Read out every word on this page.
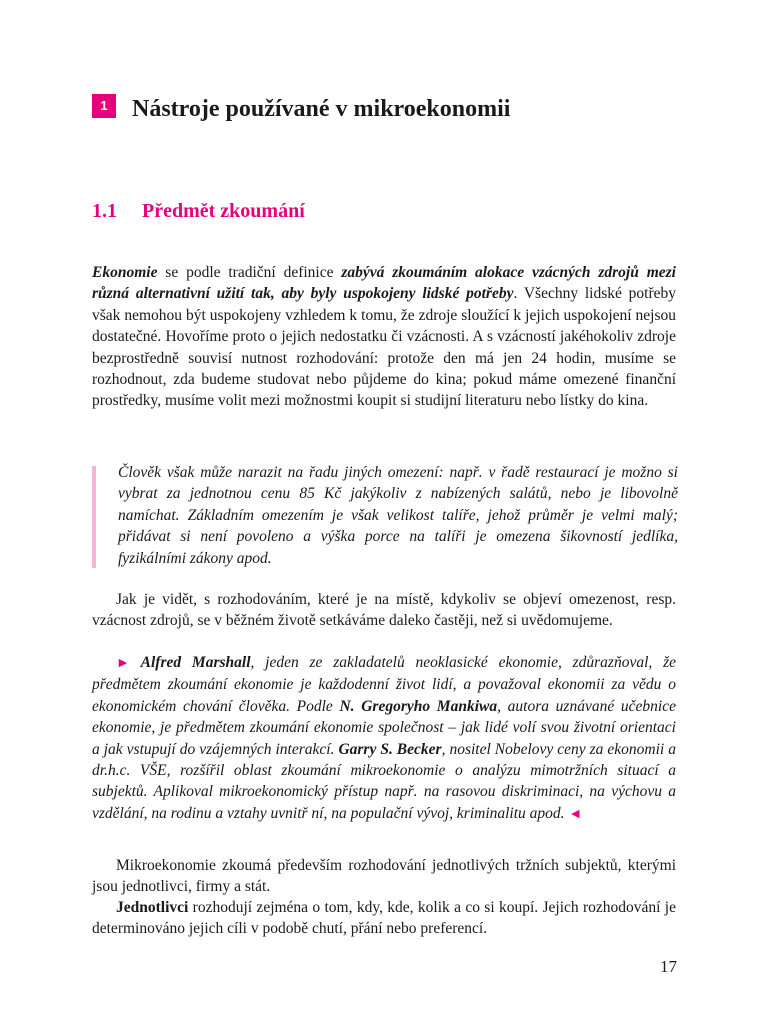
1	Nástroje používané v mikroekonomii
1.1 Předmět zkoumání

Ekonomie se podle tradiční definice zabývá zkoumáním alokace vzácných zdrojů mezi různá alternativní užití tak, aby byly uspokojeny lidské potřeby. Všechny lidské potřeby však nemohou být uspokojeny vzhledem k tomu, že zdroje sloužící k jejich uspokojení nejsou dostatečné. Hovoříme proto o jejich nedostatku či vzácnosti. A s vzácností jakéhokoliv zdroje bezprostředně souvisí nutnost rozhodování: protože den má jen 24 hodin, musíme se rozhodnout, zda budeme studovat nebo půjdeme do kina; pokud máme omezené finanční prostředky, musíme volit mezi možnostmi koupit si studijní literaturu nebo lístky do kina.

Člověk však může narazit na řadu jiných omezení: např. v řadě restaurací je možno si vybrat za jednotnou cenu 85 Kč jakýkoliv z nabízených salátů, nebo je libovolně namíchat. Základním omezením je však velikost talíře, jehož průměr je velmi malý; přidávat si není povoleno a výška porce na talíři je omezena šikovností jedlíka, fyzikálními zákony apod.

Jak je vidět, s rozhodováním, které je na místě, kdykoliv se objeví omezenost, resp. vzácnost zdrojů, se v běžném životě setkáváme daleko častěji, než si uvědomujeme.

► Alfred Marshall, jeden ze zakladatelů neoklasické ekonomie, zdůrazňoval, že předmětem zkoumání ekonomie je každodenní život lidí, a považoval ekonomii za vědu o ekonomickém chování člověka. Podle N. Gregoryho Mankiwa, autora uznávané učebnice ekonomie, je předmětem zkoumání ekonomie společnost – jak lidé volí svou životní orientaci a jak vstupují do vzájemných interakcí. Garry S. Becker, nositel Nobelovy ceny za ekonomii a dr.h.c. VŠE, rozšířil oblast zkoumání mikroekonomie o analýzu mimotržních situací a subjektů. Aplikoval mikroekonomický přístup např. na rasovou diskriminaci, na výchovu a vzdělání, na rodinu a vztahy uvnitř ní, na populační vývoj, kriminalitu apod. ◄

Mikroekonomie zkoumá především rozhodování jednotlivých tržních subjektů, kterými jsou jednotlivci, firmy a stát.

Jednotlivci rozhodují zejména o tom, kdy, kde, kolik a co si koupí. Jejich rozhodování je determinováno jejich cíli v podobě chutí, přání nebo preferencí.

17
